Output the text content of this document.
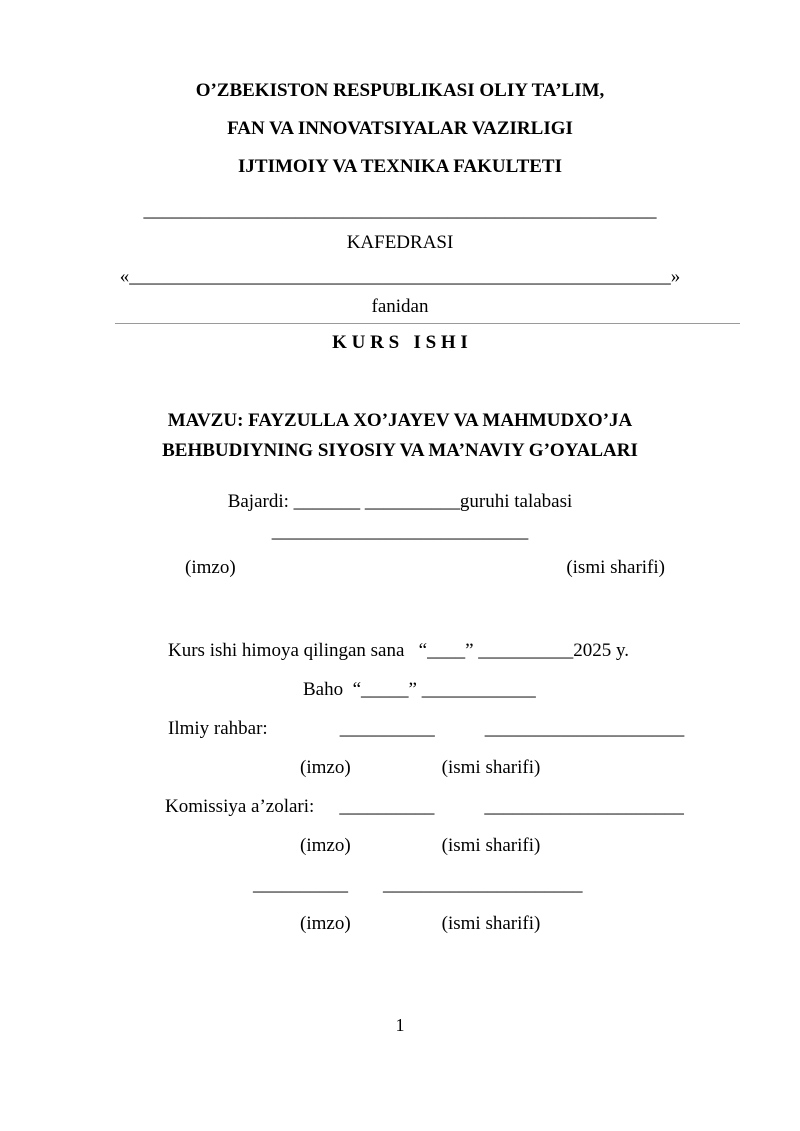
O’ZBEKISTON RESPUBLIKASI OLIY TA’LIM,

FAN VA INNOVATSIYALAR VAZIRLIGI

IJTIMOIY VA TEXNIKA FAKULTETI

______________________________________________________

KAFEDRASI

«_________________________________________________________»

fanidan

K U R S   I S H I

MAVZU: FAYZULLA XO’JAYEV VA MAHMUDXO’JA

BEHBUDIYNING SIYOSIY VA MA’NAVIY G’OYALARI

Bajardi: _______ __________guruhi talabasi

___________________________

(imzo)	(ismi sharifi)

Kurs ishi himoya qilingan sana   “____” __________2025 y.

Baho  “_____” ____________

Ilmiy rahbar:	__________	_____________________
(imzo)	(ismi sharifi)
Komissiya a’zolari: __________	_____________________
(imzo)	(ismi sharifi)
__________ _____________________
(imzo)	(ismi sharifi)
1
